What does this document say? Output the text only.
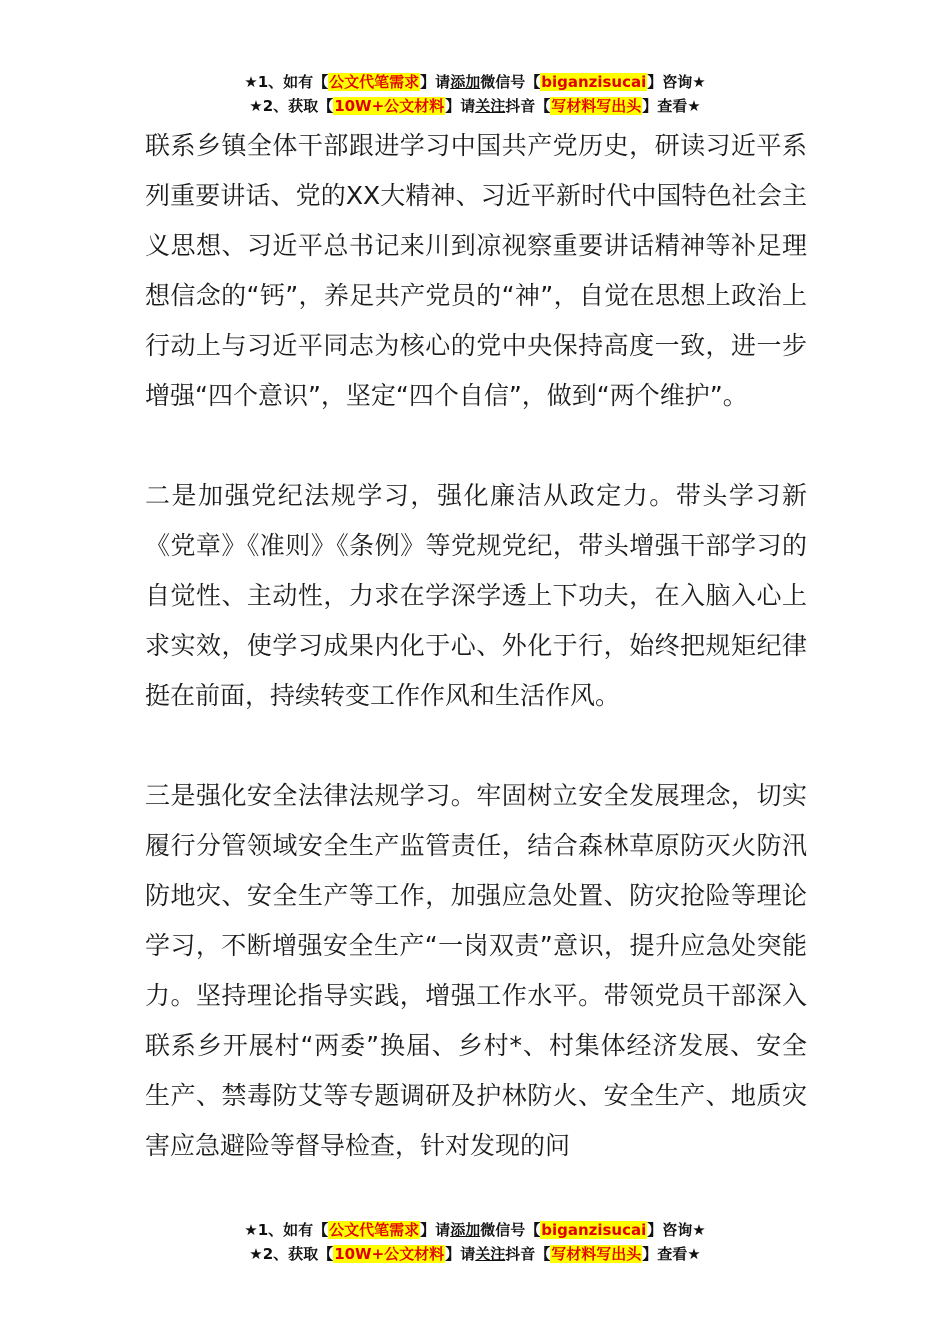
★1、如有【公文代笔需求】请添加微信号【biganzisucai】咨询★
★2、获取【10W+公文材料】请关注抖音【写材料写出头】查看★

联系乡镇全体干部跟进学习中国共产党历史，研读习近平系列重要讲话、党的XX大精神、习近平新时代中国特色社会主义思想、习近平总书记来川到凉视察重要讲话精神等补足理想信念的“钙”，养足共产党员的“神”，自觉在思想上政治上行动上与习近平同志为核心的党中央保持高度一致，进一步增强“四个意识”，坚定“四个自信”，做到“两个维护”。

二是加强党纪法规学习，强化廉洁从政定力。带头学习新《党章》《准则》《条例》等党规党纪，带头增强干部学习的自觉性、主动性，力求在学深学透上下功夫，在入脑入心上求实效，使学习成果内化于心、外化于行，始终把规矩纪律挺在前面，持续转变工作作风和生活作风。

三是强化安全法律法规学习。牢固树立安全发展理念，切实履行分管领域安全生产监管责任，结合森林草原防灭火防汛防地灾、安全生产等工作，加强应急处置、防灾抢险等理论学习，不断增强安全生产“一岗双责”意识，提升应急处突能力。坚持理论指导实践，增强工作水平。带领党员干部深入联系乡开展村“两委”换届、乡村*、村集体经济发展、安全生产、禁毒防艾等专题调研及护林防火、安全生产、地质灾害应急避险等督导检查，针对发现的问

★1、如有【公文代笔需求】请添加微信号【biganzisucai】咨询★
★2、获取【10W+公文材料】请关注抖音【写材料写出头】查看★
